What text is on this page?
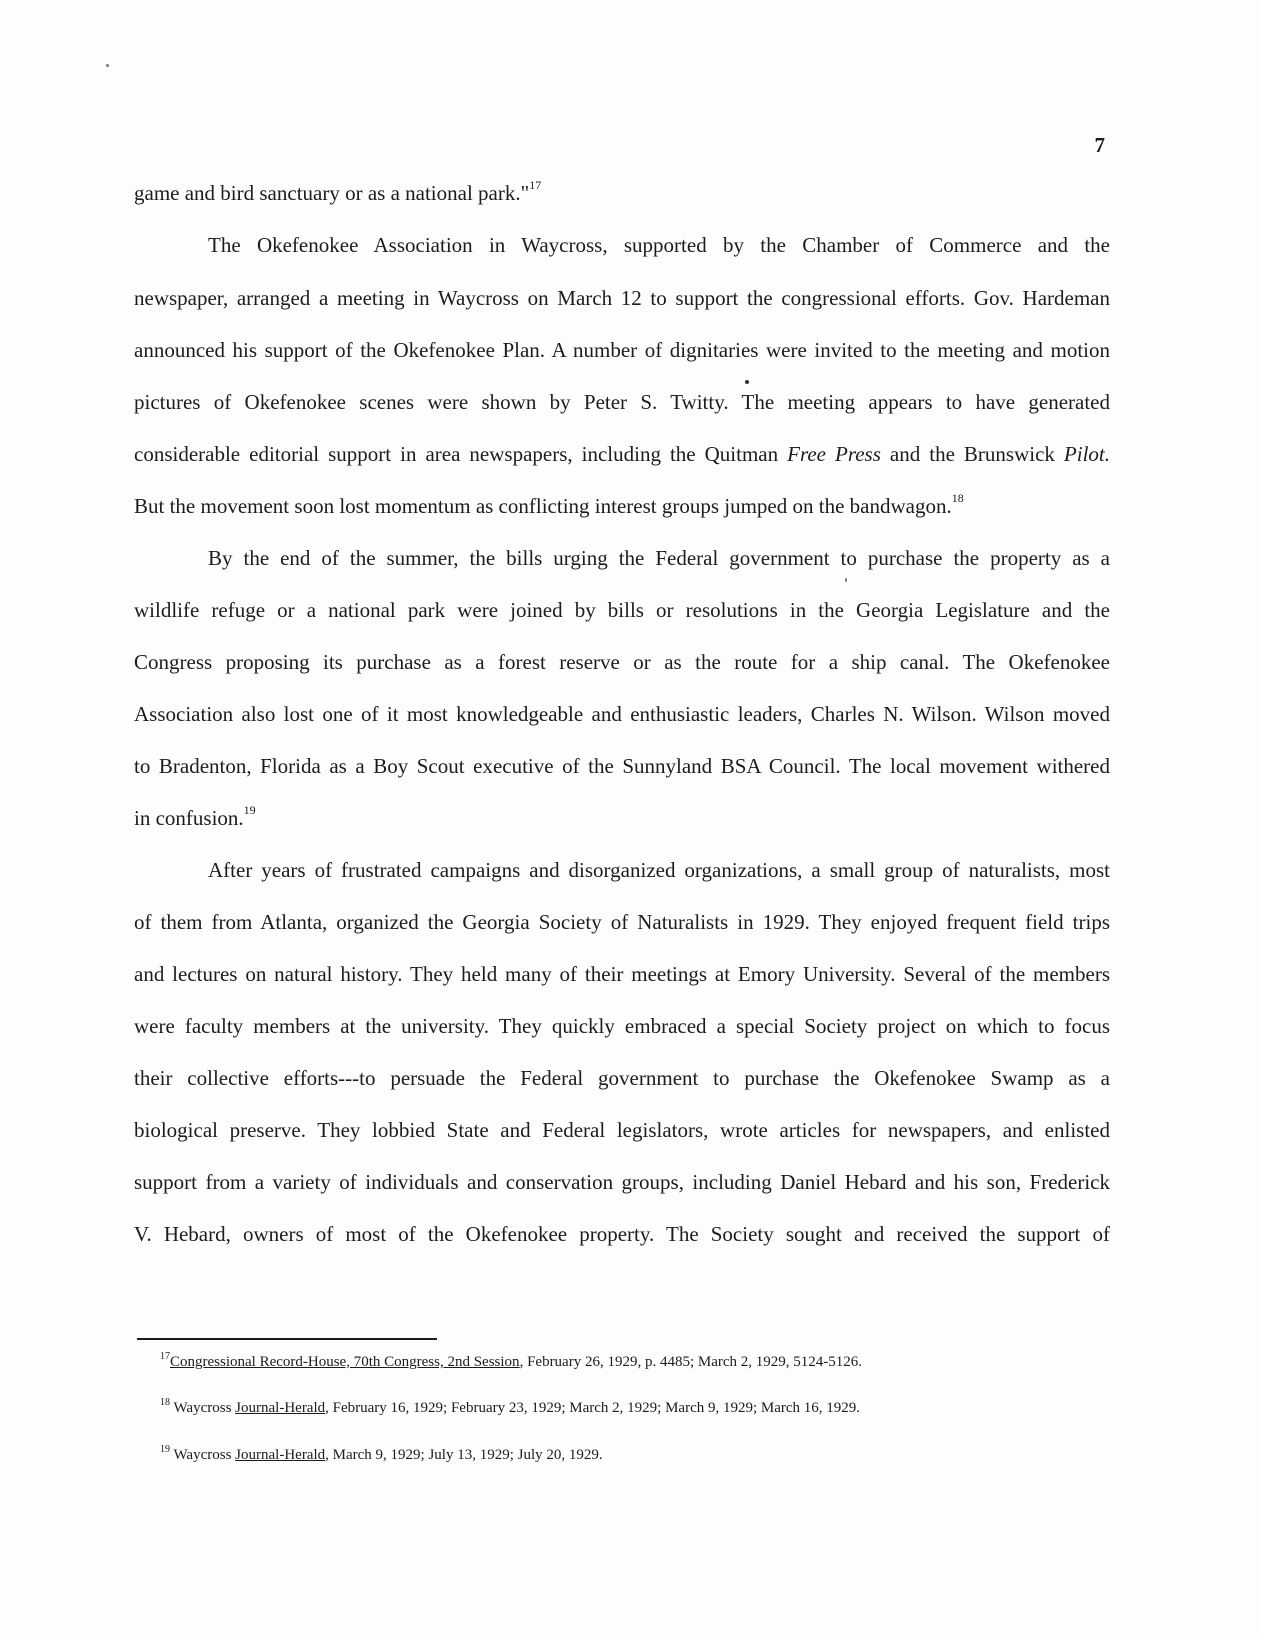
7
game and bird sanctuary or as a national park."$^{17}$
The Okefenokee Association in Waycross, supported by the Chamber of Commerce and the
newspaper, arranged a meeting in Waycross on March 12 to support the congressional efforts. Gov. Hardeman
announced his support of the Okefenokee Plan. A number of dignitaries were invited to the meeting and motion
pictures of Okefenokee scenes were shown by Peter S. Twitty. The meeting appears to have generated
considerable editorial support in area newspapers, including the Quitman Free Press and the Brunswick Pilot.
But the movement soon lost momentum as conflicting interest groups jumped on the bandwagon.$^{18}$
By the end of the summer, the bills urging the Federal government to purchase the property as a
wildlife refuge or a national park were joined by bills or resolutions in the Georgia Legislature and the
Congress proposing its purchase as a forest reserve or as the route for a ship canal. The Okefenokee
Association also lost one of it most knowledgeable and enthusiastic leaders, Charles N. Wilson. Wilson moved
to Bradenton, Florida as a Boy Scout executive of the Sunnyland BSA Council. The local movement withered
in confusion.$^{19}$
After years of frustrated campaigns and disorganized organizations, a small group of naturalists, most
of them from Atlanta, organized the Georgia Society of Naturalists in 1929. They enjoyed frequent field trips
and lectures on natural history. They held many of their meetings at Emory University. Several of the members
were faculty members at the university. They quickly embraced a special Society project on which to focus
their collective efforts---to persuade the Federal government to purchase the Okefenokee Swamp as a
biological preserve. They lobbied State and Federal legislators, wrote articles for newspapers, and enlisted
support from a variety of individuals and conservation groups, including Daniel Hebard and his son, Frederick
V. Hebard, owners of most of the Okefenokee property. The Society sought and received the support of
$^{17}$Congressional Record-House, 70th Congress, 2nd Session, February 26, 1929, p. 4485; March 2, 1929, 5124-5126.
$^{18}$ Waycross Journal-Herald, February 16, 1929; February 23, 1929; March 2, 1929; March 9, 1929; March 16, 1929.
$^{19}$ Waycross Journal-Herald, March 9, 1929; July 13, 1929; July 20, 1929.
